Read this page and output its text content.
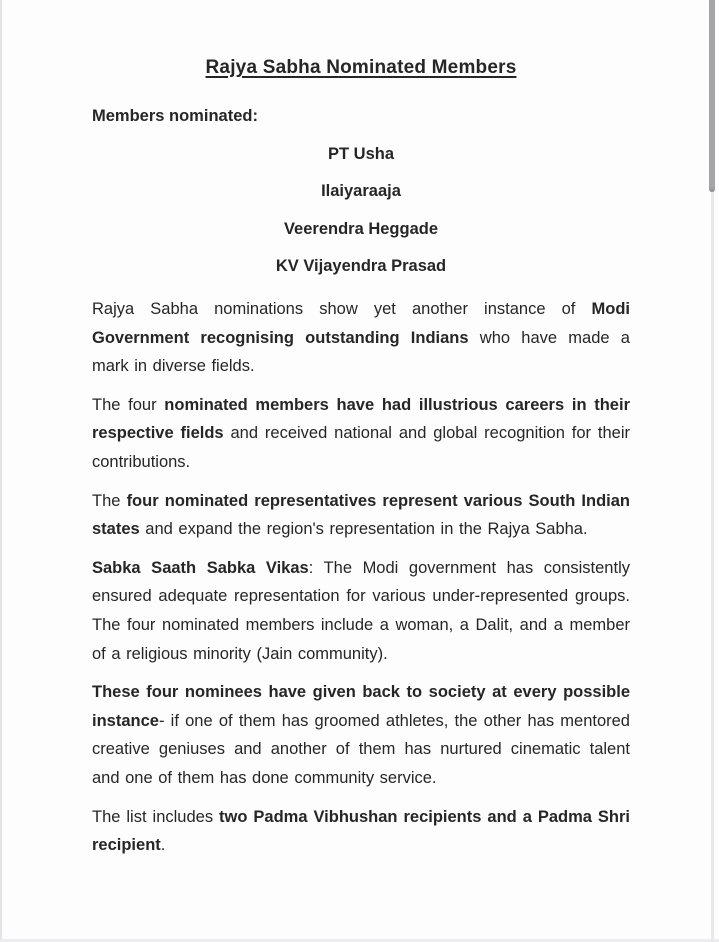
Rajya Sabha Nominated Members
Members nominated:
PT Usha
Ilaiyaraaja
Veerendra Heggade
KV Vijayendra Prasad

Rajya Sabha nominations show yet another instance of Modi Government recognising outstanding Indians who have made a mark in diverse fields.

The four nominated members have had illustrious careers in their respective fields and received national and global recognition for their contributions.

The four nominated representatives represent various South Indian states and expand the region's representation in the Rajya Sabha.

Sabka Saath Sabka Vikas: The Modi government has consistently ensured adequate representation for various under-represented groups. The four nominated members include a woman, a Dalit, and a member of a religious minority (Jain community).

These four nominees have given back to society at every possible instance- if one of them has groomed athletes, the other has mentored creative geniuses and another of them has nurtured cinematic talent and one of them has done community service.

The list includes two Padma Vibhushan recipients and a Padma Shri recipient.
